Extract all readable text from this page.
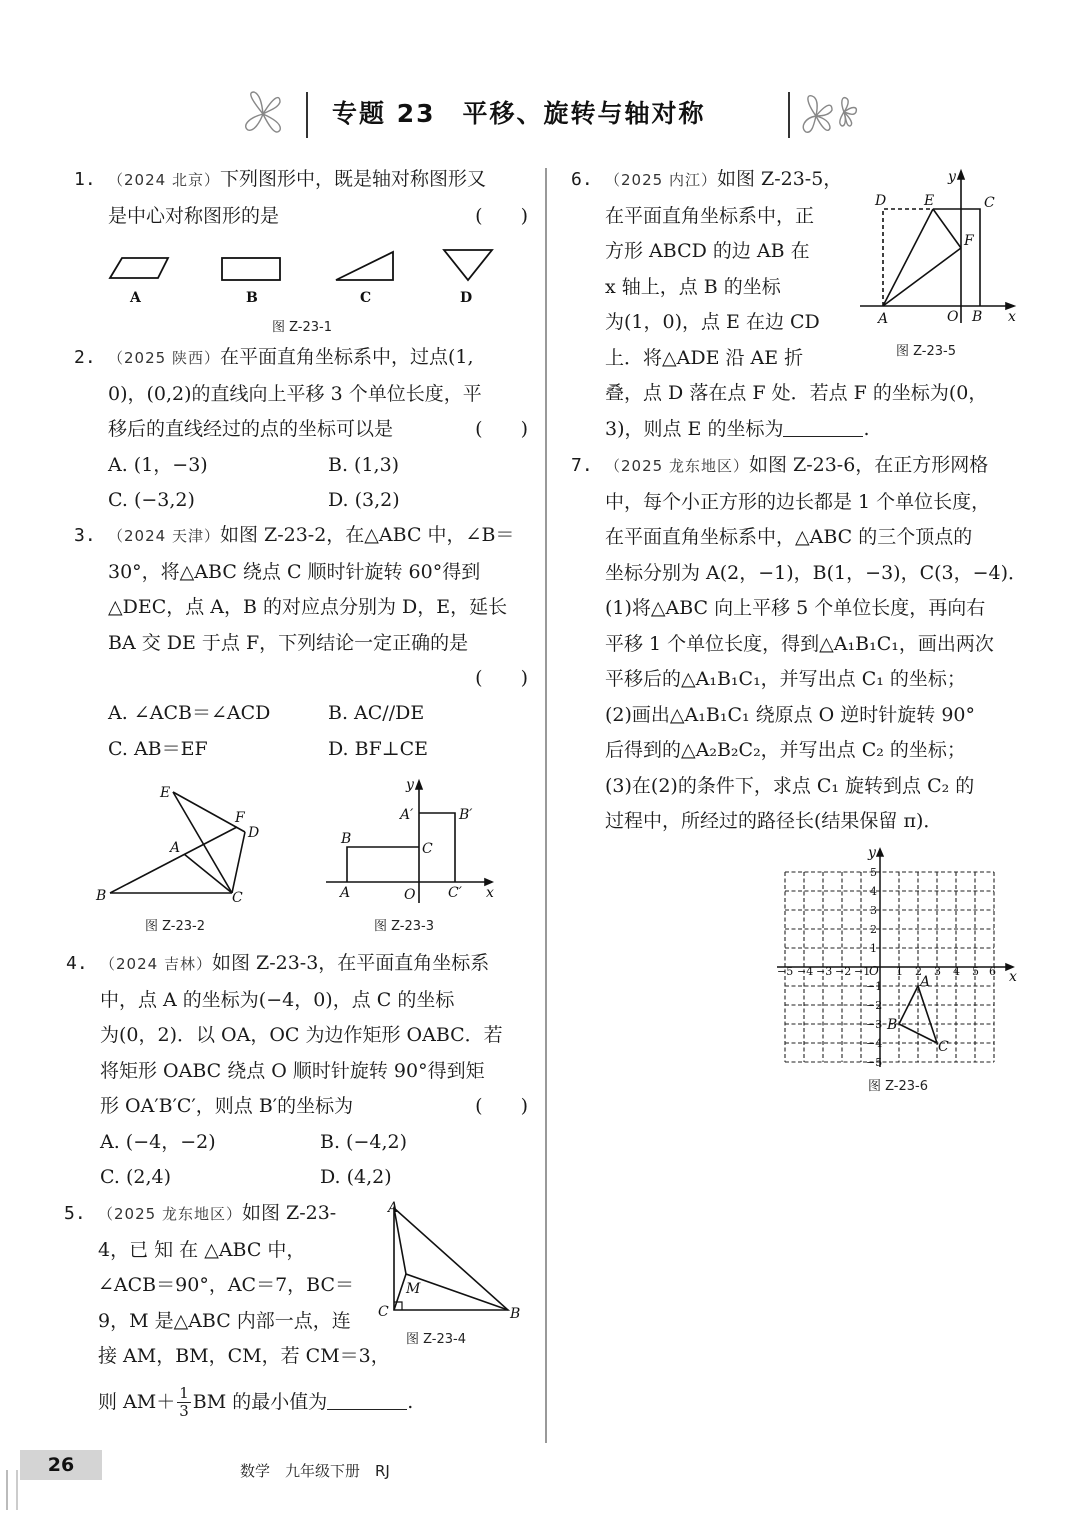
专题 23　平移、旋转与轴对称
1. （2024 北京）下列图形中，既是轴对称图形又
是中心对称图形的是	(　　)
A	B	C	D
图 Z-23-1
2. （2025 陕西）在平面直角坐标系中，过点(1,
0)，(0,2)的直线向上平移 3 个单位长度，平
移后的直线经过的点的坐标可以是	(　　)
A. (1，−3)	B. (1,3)
C. (−3,2)	D. (3,2)
3. （2024 天津）如图 Z-23-2，在△ABC 中，∠B＝
30°，将△ABC 绕点 C 顺时针旋转 60°得到
△DEC，点 A，B 的对应点分别为 D，E，延长
BA 交 DE 于点 F，下列结论一定正确的是
(　　)
A. ∠ACB＝∠ACD	B. AC//DE
C. AB＝EF	D. BF⊥CE
E
F
D
A
B	C
图 Z-23-2
y
A′	B′
B
C
A	O C′ x
图 Z-23-3
4. （2024 吉林）如图 Z-23-3，在平面直角坐标系
中，点 A 的坐标为(−4，0)，点 C 的坐标
为(0，2)．以 OA，OC 为边作矩形 OABC．若
将矩形 OABC 绕点 O 顺时针旋转 90°得到矩
形 OA′B′C′，则点 B′的坐标为	(　　)
A. (−4，−2)	B. (−4,2)
C. (2,4)	D. (4,2)
5. （2025 龙东地区）如图 Z-23-
4，已 知 在 △ABC 中，
∠ACB＝90°，AC＝7，BC＝
9，M 是△ABC 内部一点，连
接 AM，BM，CM，若 CM＝3，
则 $AM+ \frac{1}{3}$ BM 的最小值为	.
A
M
C	B
图 Z-23-4
6. （2025 内江）如图 Z-23-5，
在平面直角坐标系中，正
方形 ABCD 的边 AB 在
x 轴上，点 B 的坐标
为(1，0)，点 E 在边 CD
上．将△ADE 沿 AE 折
叠，点 D 落在点 F 处．若点 F 的坐标为(0，
3)，则点 E 的坐标为	.
y
D	E	C
F
A	O B x
图 Z-23-5
7. （2025 龙东地区）如图 Z-23-6，在正方形网格
中，每个小正方形的边长都是 1 个单位长度，
在平面直角坐标系中，△ABC 的三个顶点的
坐标分别为 A(2，−1)，B(1，−3)，C(3，−4)．
(1)将△ABC 向上平移 5 个单位长度，再向右
平移 1 个单位长度，得到△A₁B₁C₁，画出两次
平移后的△A₁B₁C₁，并写出点 C₁ 的坐标；
(2)画出△A₁B₁C₁ 绕原点 O 逆时针旋转 90°
后得到的△A₂B₂C₂，并写出点 C₂ 的坐标；
(3)在(2)的条件下，求点 C₁ 旋转到点 C₂ 的
过程中，所经过的路径长(结果保留 π)．
y
x
−5 −4 −3 −2 −1
O 1 2 3 4 5 6
5
4
3
2
1
−1
−2
−3
−4
−5
A
B
C
图 Z-23-6
26	数学　九年级下册　RJ
